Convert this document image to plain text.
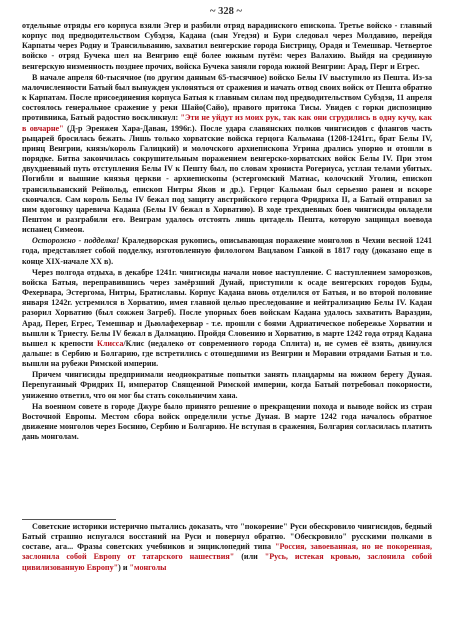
~ 328 ~

отдельные отряды его корпуса взяли Эгер и разбили отряд варадинского епископа. Третье войско - главный корпус под предводительством Субэдэя, Кадана (сын Угедэя) и Бури следовал через Молдавию, перейдя Карпаты через Родну и Трансильванию, захватил венгерские города Бистрицу, Орадя и Темешвар. Четвертое войско - отряд Бучека шел на Венгрию ещё более южным путём: через Валахию. Выйдя на срединную венгерскую низменность позднее прочих, войска Бучека заняли города южной Венгрии: Арад, Перг и Егрес.

В начале апреля 60-тысячное (по другим данным 65-тысячное) войско Белы IV выступило из Пешта. Из-за малочисленности Батый был вынужден уклоняться от сражения и начать отвод своих войск от Пешта обратно к Карпатам. После присоединения корпуса Батыя к главным силам под предводительством Субэдэя, 11 апреля состоялось генеральное сражение у реки Шайо(Сайо), правого притока Тисы. Увидев с горки диспозицию противника, Батый радостно воскликнул: "Эти не уйдут из моих рук, так как они сгрудились в одну кучу, как в овчарне" (Д-р Эренжен Хара-Даван, 1996г.). После удара славянских полков чингисидов с флангов часть рыцарей бросилась бежать. Лишь только хорватские войска герцога Кальмана (1208-1241гг., брат Белы IV, принц Венгрии, князь/король Галицкий) и молочского архиепископа Угрина дрались упорно и отошли в порядке. Битва закончилась сокрушительным поражением венгерско-хорватских войск Белы IV. При этом двухдневный путь отступления Белы IV к Пешту был, по словам хрониста Рогериуса, устлан телами убитых. Погибли и вышние князья церкви - архиепископы (эстергомский Матиас, колочский Уголин, епископ трансильванский Рейнольд, епископ Нитры Яков и др.). Герцог Кальман был серьезно ранен и вскоре скончался. Сам король Белы IV бежал под защиту австрийского герцога Фридриха II, а Батый отправил за ним вдогонку царевича Кадана (Белы IV бежал в Хорватию). В ходе трехдневных боев чингисиды овладели Пештом и разграбили его. Венграм удалось отстоять лишь цитадель Пешта, которую защищал воевода испанец Симеон.

Осторожно - подделка! Краледворская рукопись, описывающая поражение монголов в Чехии весной 1241 года, представляет собой подделку, изготовленную филологом Вацлавом Ганкой в 1817 году (доказано еще в конце XIX-начале XX в).

Через полгода отдыха, в декабре 1241г. чингисиды начали новое наступление. С наступлением заморозков, войска Батыя, переправившись через замёрзший Дунай, приступили к осаде венгерских городов Буды, Фехервара, Эстергома, Нитры, Братиславы. Корпус Кадана вновь отделился от Батыя, и во второй половине января 1242г. устремился в Хорватию, имея главной целью преследование и нейтрализацию Белы IV. Кадан разорил Хорватию (был сожжен Загреб). После упорных боев войскам Кадана удалось захватить Вараздин, Арад, Перег, Егрес, Темешвар и Дьюлафехервар - т.е. прошли с боями Адриатическое побережье Хорватии и вышли к Триесту. Белы IV бежал в Далмацию. Пройдя Словению и Хорватию, в марте 1242 года отряд Кадана вышел к крепости Клисса/Клис (недалеко от современного города Сплита) и, не сумев её взять, двинулся дальше: в Сербию и Болгарию, где встретились с отошедшими из Венгрии и Моравии отрядами Батыя и т.о. вышли на рубежи Римской империи.

Причем чингисиды предприимали неоднократные попытки занять плацдармы на южном берегу Дуная. Перепуганный Фридрих II, император Священной Римской империи, когда Батый потребовал покорности, униженно ответил, что он мог бы стать сокольничим хана.

На военном совете в городе Джуре было принято решение о прекращении похода и выводе войск из стран Восточной Европы. Местом сбора войск определили устье Дуная. В марте 1242 года началось обратное движение монголов через Боснию, Сербию и Болгарию. Не вступая в сражения, Болгария согласилась платить дань монголам.

Советские историки истерично пытались доказать, что "покорение" Руси обескровило чингисидов, бедный Батый страшно испугался восстаний на Руси и повернул обратно. "Обескровило" русскими полками в составе, ага... Фразы советских учебников и энциклопедий типа "Россия, завоеванная, но не покоренная, заслонила собой Европу от татарского нашествия" (или "Русь, истекая кровью, заслонила собой цивилизованную Европу") и "монголы
